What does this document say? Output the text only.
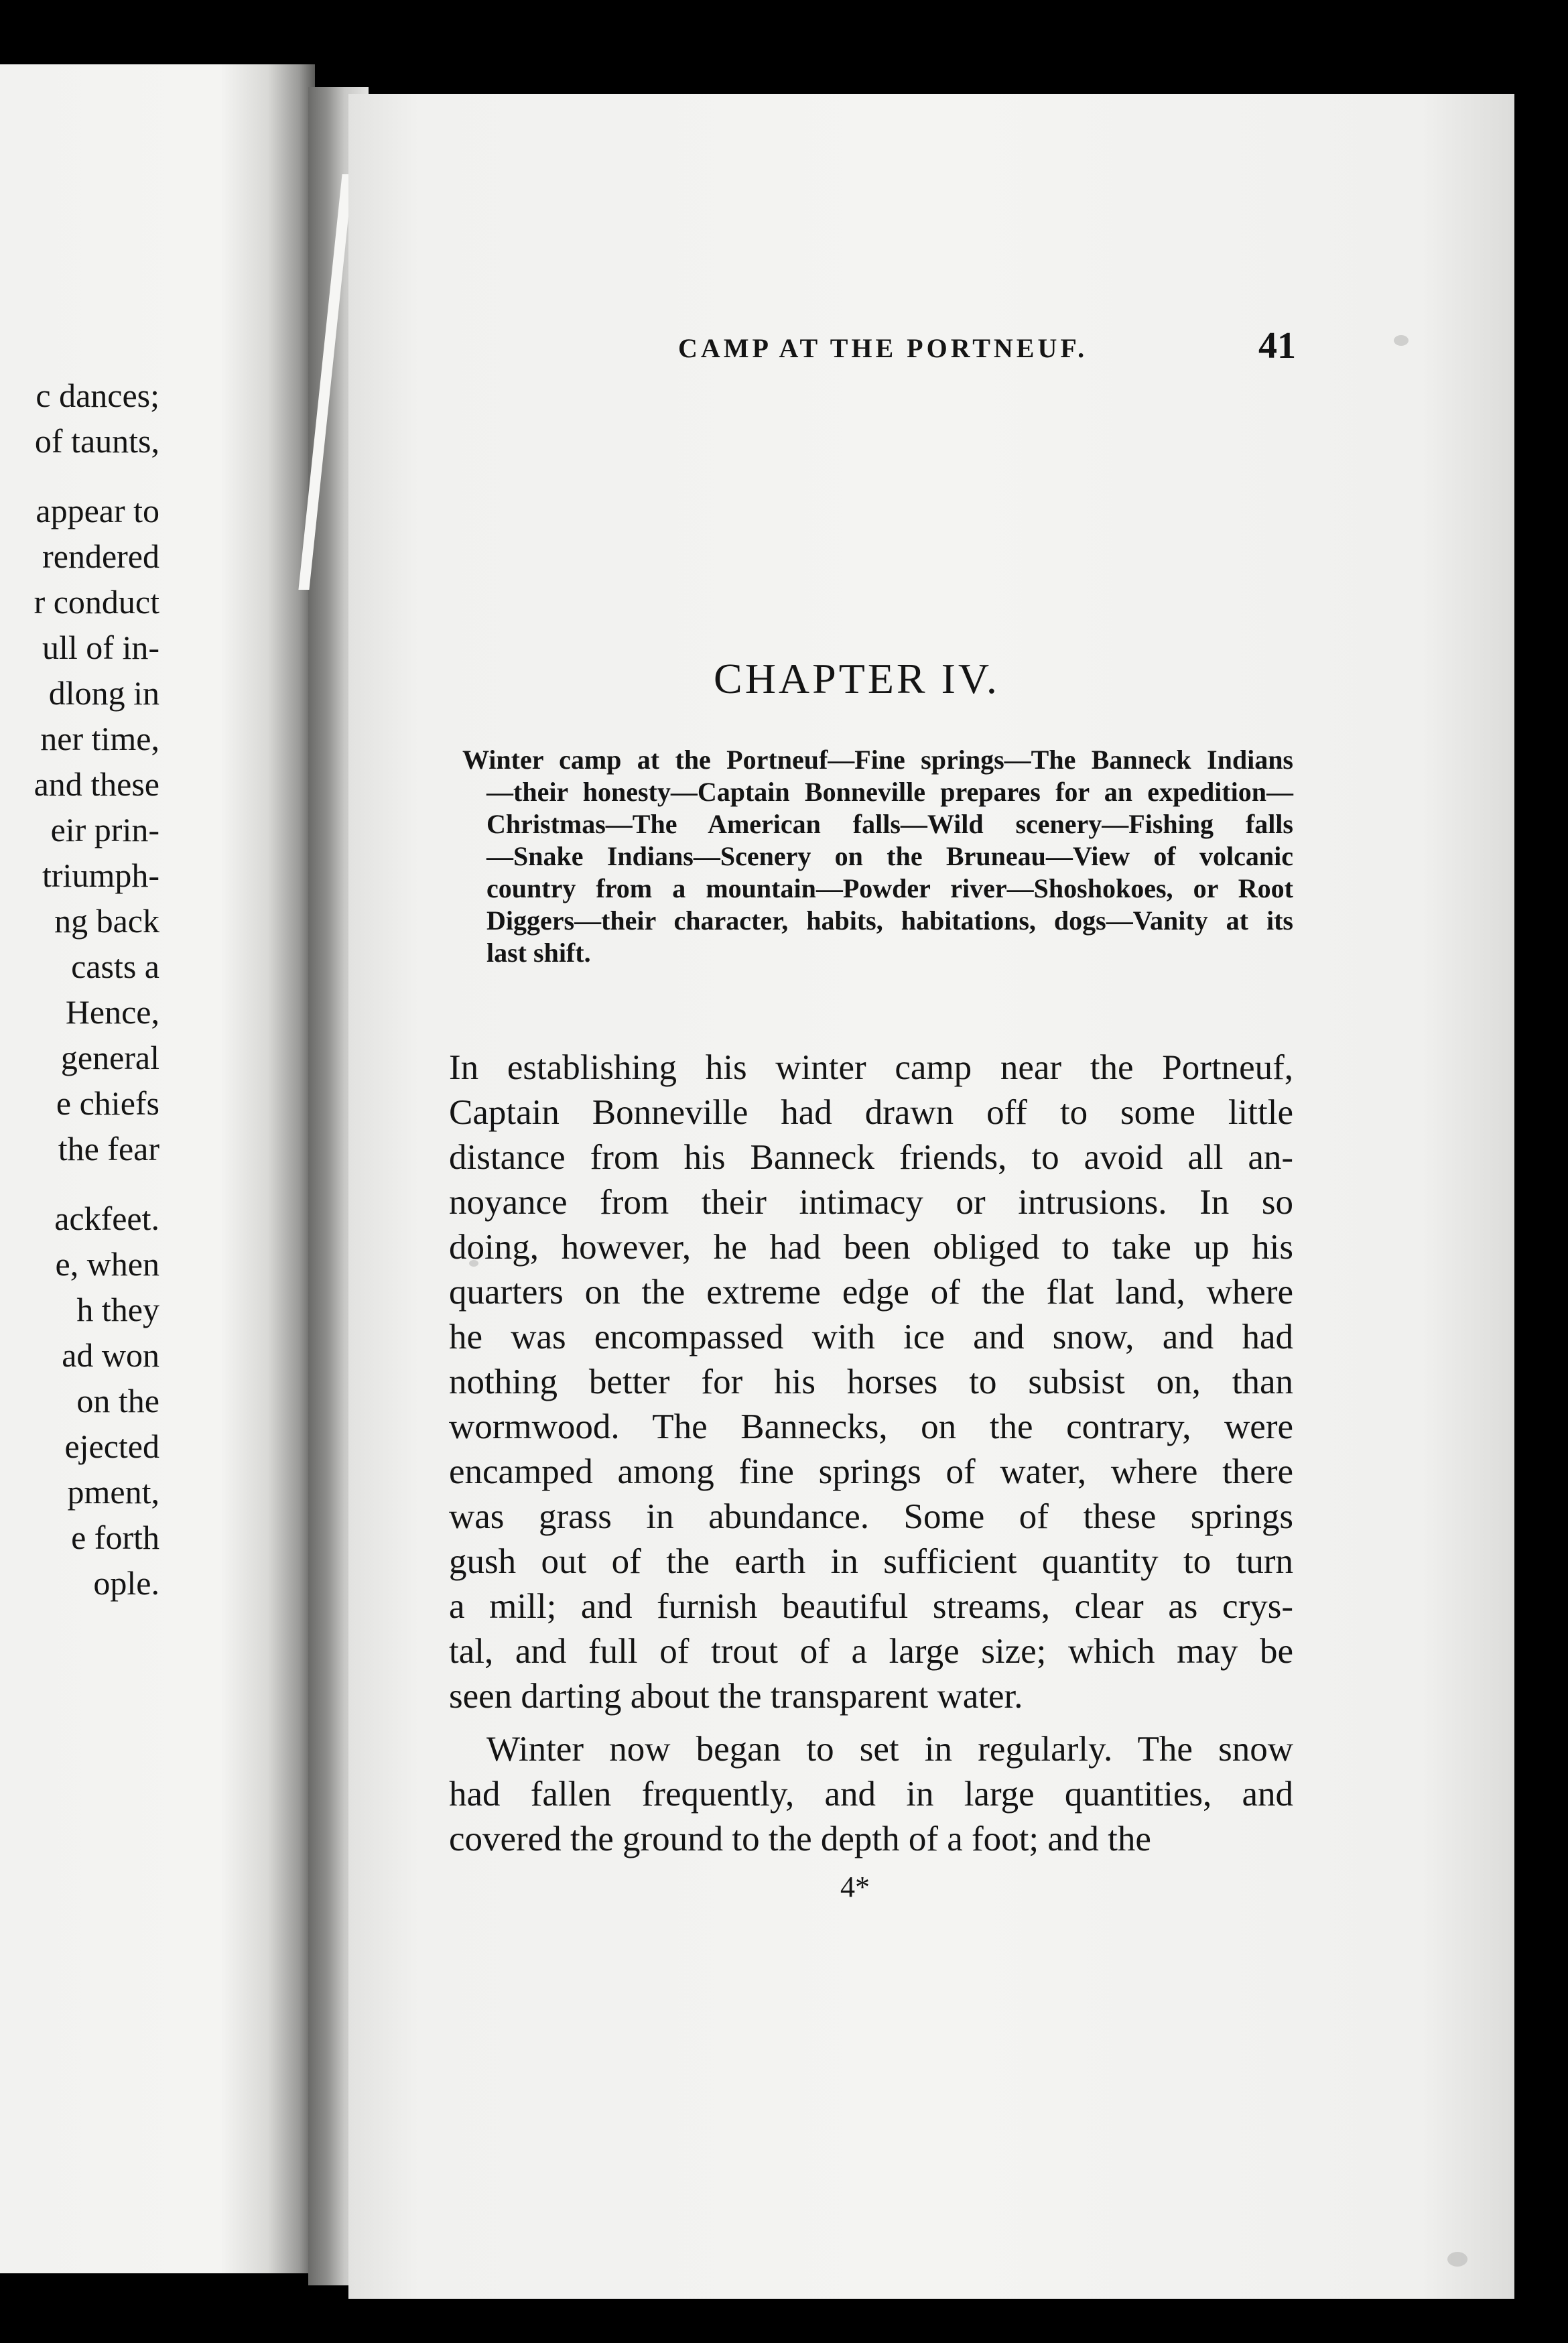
c dances;
of taunts,
appear to
rendered
r conduct
ull of in-
dlong in
ner time,
and these
eir prin-
triumph-
ng back
casts a
Hence,
general
e chiefs
the fear
ackfeet.
e, when
h they
ad won
on the
ejected
pment,
e forth
ople.
CAMP AT THE PORTNEUF.	41
CHAPTER IV.
Winter camp at the Portneuf—Fine springs—The Banneck Indians
—their honesty—Captain Bonneville prepares for an expedition—
Christmas—The American falls—Wild scenery—Fishing falls
—Snake Indians—Scenery on the Bruneau—View of volcanic
country from a mountain—Powder river—Shoshokoes, or Root
Diggers—their character, habits, habitations, dogs—Vanity at its
last shift.
In establishing his winter camp near the Portneuf,
Captain Bonneville had drawn off to some little
distance from his Banneck friends, to avoid all an-
noyance from their intimacy or intrusions. In so
doing, however, he had been obliged to take up his
quarters on the extreme edge of the flat land, where
he was encompassed with ice and snow, and had
nothing better for his horses to subsist on, than
wormwood. The Bannecks, on the contrary, were
encamped among fine springs of water, where there
was grass in abundance. Some of these springs
gush out of the earth in sufficient quantity to turn
a mill; and furnish beautiful streams, clear as crys-
tal, and full of trout of a large size; which may be
seen darting about the transparent water.
Winter now began to set in regularly. The snow
had fallen frequently, and in large quantities, and
covered the ground to the depth of a foot; and the
4*
